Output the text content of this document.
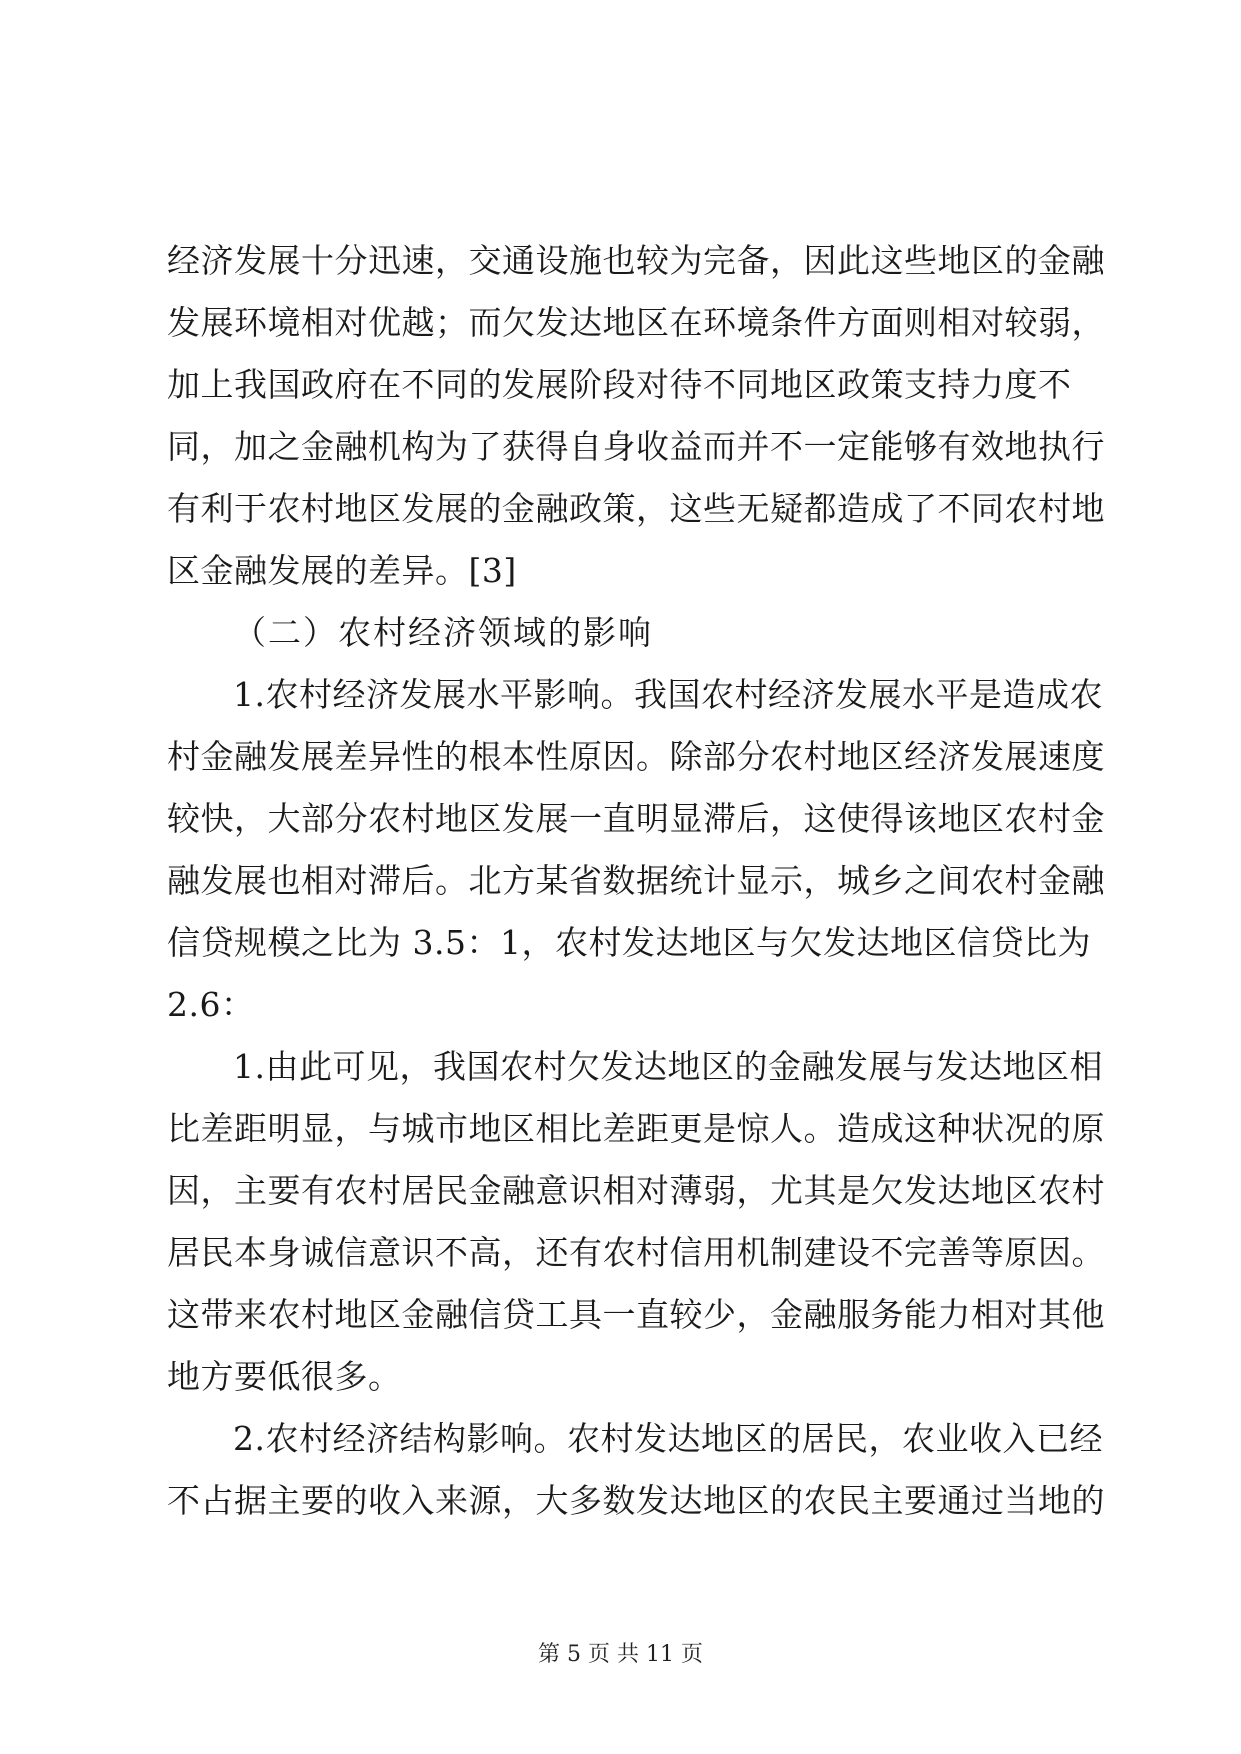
经济发展十分迅速，交通设施也较为完备，因此这些地区的金融
发展环境相对优越；而欠发达地区在环境条件方面则相对较弱，
加上我国政府在不同的发展阶段对待不同地区政策支持力度不
同，加之金融机构为了获得自身收益而并不一定能够有效地执行
有利于农村地区发展的金融政策，这些无疑都造成了不同农村地
区金融发展的差异。[3]
（二）农村经济领域的影响
1.农村经济发展水平影响。我国农村经济发展水平是造成农
村金融发展差异性的根本性原因。除部分农村地区经济发展速度
较快，大部分农村地区发展一直明显滞后，这使得该地区农村金
融发展也相对滞后。北方某省数据统计显示，城乡之间农村金融
信贷规模之比为 3.5：1，农村发达地区与欠发达地区信贷比为
2.6：
1.由此可见，我国农村欠发达地区的金融发展与发达地区相
比差距明显，与城市地区相比差距更是惊人。造成这种状况的原
因，主要有农村居民金融意识相对薄弱，尤其是欠发达地区农村
居民本身诚信意识不高，还有农村信用机制建设不完善等原因。
这带来农村地区金融信贷工具一直较少，金融服务能力相对其他
地方要低很多。
2.农村经济结构影响。农村发达地区的居民，农业收入已经
不占据主要的收入来源，大多数发达地区的农民主要通过当地的
第 5 页 共 11 页
